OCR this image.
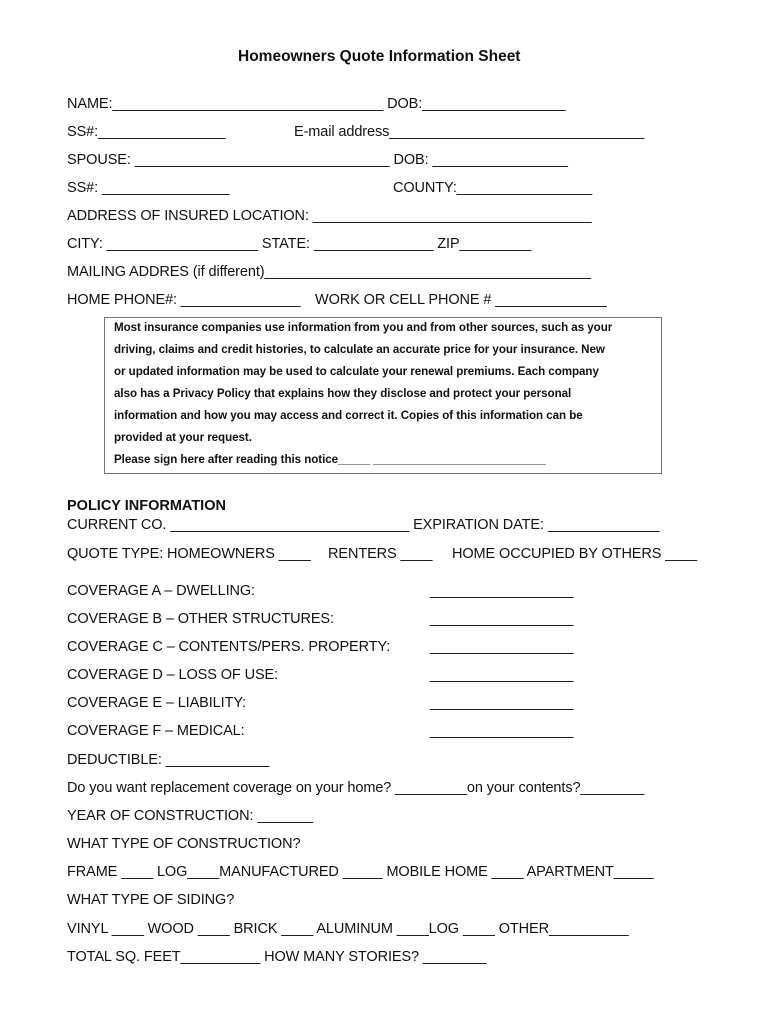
Homeowners Quote Information Sheet
NAME:__________________________________ DOB:__________________
SS#:________________	E-mail address________________________________
SPOUSE: ________________________________ DOB: _________________
SS#: ________________	COUNTY:_________________
ADDRESS OF INSURED LOCATION: ___________________________________
CITY: ___________________ STATE: _______________ ZIP_________
MAILING ADDRES (if different)_________________________________________
HOME PHONE#: _______________ WORK OR CELL PHONE # ______________
Most insurance companies use information from you and from other sources, such as your
driving, claims and credit histories, to calculate an accurate price for your insurance. New
or updated information may be used to calculate your renewal premiums. Each company
also has a Privacy Policy that explains how they disclose and protect your personal
information and how you may access and correct it. Copies of this information can be
provided at your request.
Please sign here after reading this notice_____ ___________________________
POLICY INFORMATION
CURRENT CO. ______________________________ EXPIRATION DATE: ______________
QUOTE TYPE: HOMEOWNERS ____ RENTERS ____ HOME OCCUPIED BY OTHERS ____
COVERAGE A – DWELLING:	__________________
COVERAGE B – OTHER STRUCTURES:	__________________
COVERAGE C – CONTENTS/PERS. PROPERTY:	__________________
COVERAGE D – LOSS OF USE:	__________________
COVERAGE E – LIABILITY:	__________________
COVERAGE F – MEDICAL:	__________________
DEDUCTIBLE: _____________
Do you want replacement coverage on your home? _________on your contents?________
YEAR OF CONSTRUCTION: _______
WHAT TYPE OF CONSTRUCTION?
FRAME ____ LOG____MANUFACTURED _____ MOBILE HOME ____ APARTMENT_____
WHAT TYPE OF SIDING?
VINYL ____ WOOD ____ BRICK ____ ALUMINUM ____LOG ____ OTHER__________
TOTAL SQ. FEET__________ HOW MANY STORIES? ________
